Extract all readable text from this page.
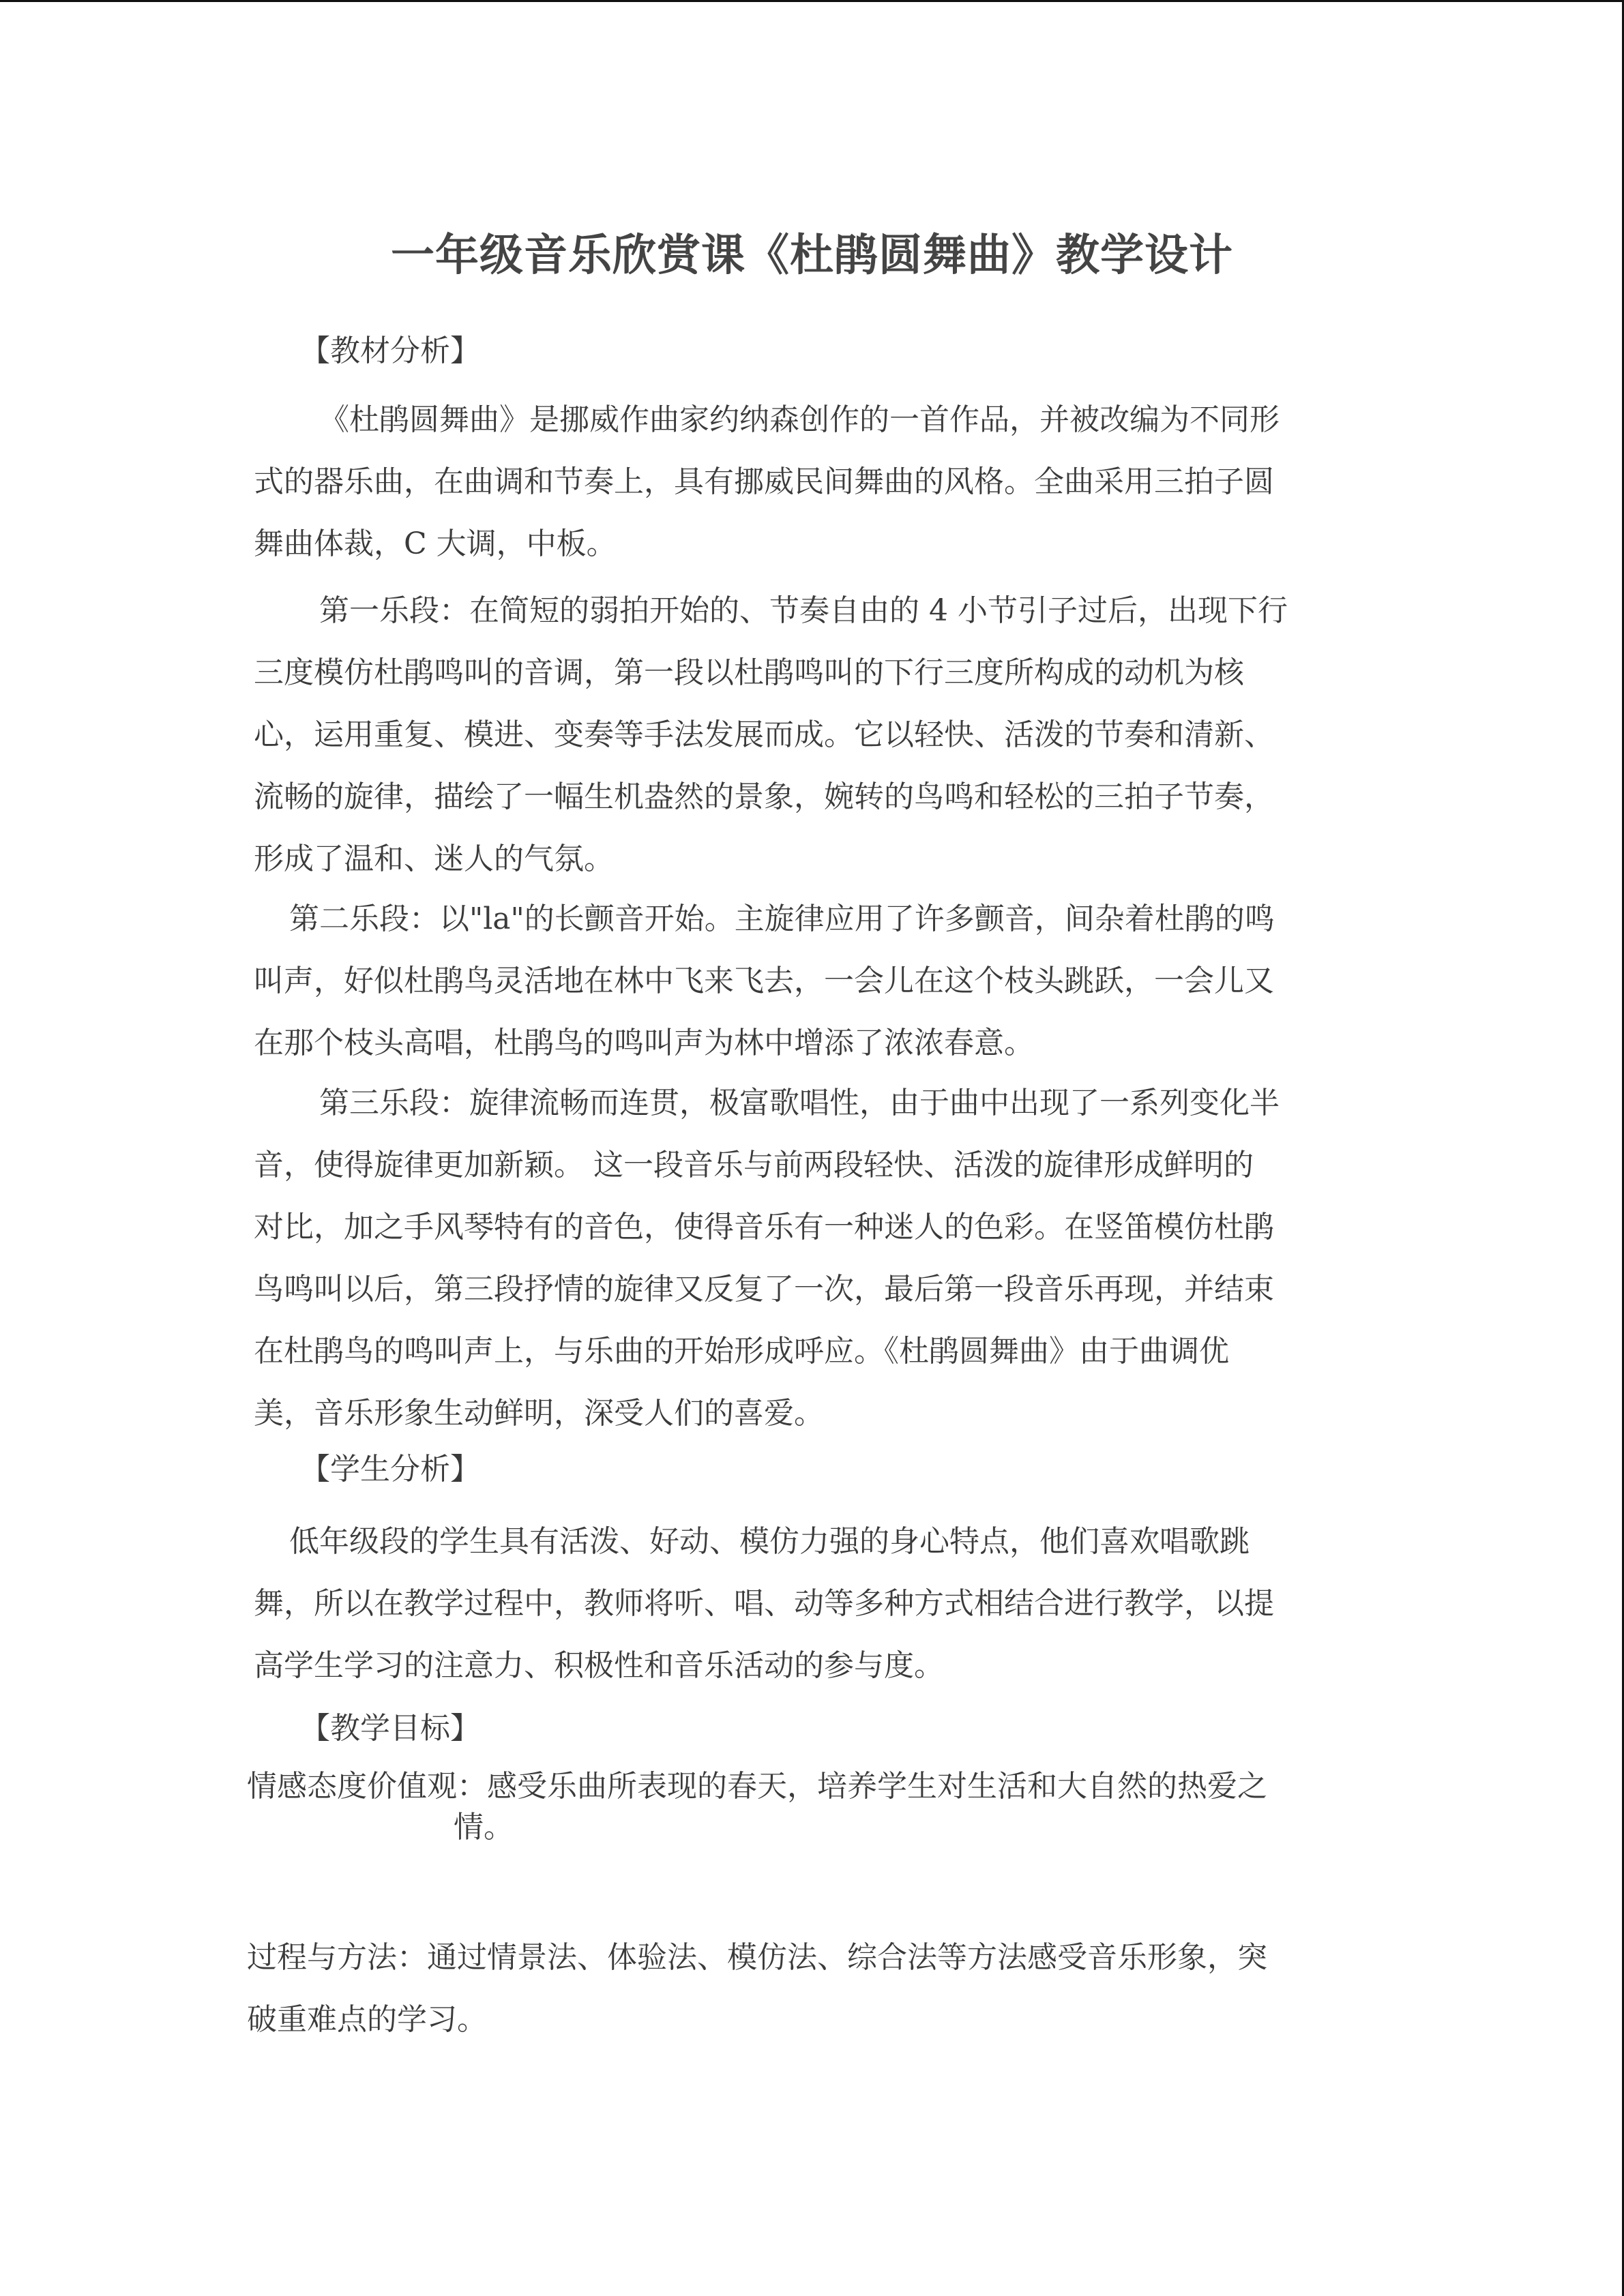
一年级音乐欣赏课《杜鹃圆舞曲》教学设计
【教材分析】
《杜鹃圆舞曲》是挪威作曲家约纳森创作的一首作品，并被改编为不同形
式的器乐曲，在曲调和节奏上，具有挪威民间舞曲的风格。全曲采用三拍子圆
舞曲体裁，C 大调，中板。
第一乐段：在简短的弱拍开始的、节奏自由的 4 小节引子过后，出现下行
三度模仿杜鹃鸣叫的音调，第一段以杜鹃鸣叫的下行三度所构成的动机为核
心，运用重复、模进、变奏等手法发展而成。它以轻快、活泼的节奏和清新、
流畅的旋律，描绘了一幅生机盎然的景象，婉转的鸟鸣和轻松的三拍子节奏，
形成了温和、迷人的气氛。
第二乐段：以"la"的长颤音开始。主旋律应用了许多颤音，间杂着杜鹃的鸣
叫声，好似杜鹃鸟灵活地在林中飞来飞去，一会儿在这个枝头跳跃，一会儿又
在那个枝头高唱，杜鹃鸟的鸣叫声为林中增添了浓浓春意。
第三乐段：旋律流畅而连贯，极富歌唱性，由于曲中出现了一系列变化半
音，使得旋律更加新颖。 这一段音乐与前两段轻快、活泼的旋律形成鲜明的
对比，加之手风琴特有的音色，使得音乐有一种迷人的色彩。在竖笛模仿杜鹃
鸟鸣叫以后，第三段抒情的旋律又反复了一次，最后第一段音乐再现，并结束
在杜鹃鸟的鸣叫声上，与乐曲的开始形成呼应。《杜鹃圆舞曲》由于曲调优
美，音乐形象生动鲜明，深受人们的喜爱。
【学生分析】
低年级段的学生具有活泼、好动、模仿力强的身心特点，他们喜欢唱歌跳
舞，所以在教学过程中，教师将听、唱、动等多种方式相结合进行教学，以提
高学生学习的注意力、积极性和音乐活动的参与度。
【教学目标】
情感态度价值观：感受乐曲所表现的春天，培养学生对生活和大自然的热爱之
情。
过程与方法：通过情景法、体验法、模仿法、综合法等方法感受音乐形象，突
破重难点的学习。
